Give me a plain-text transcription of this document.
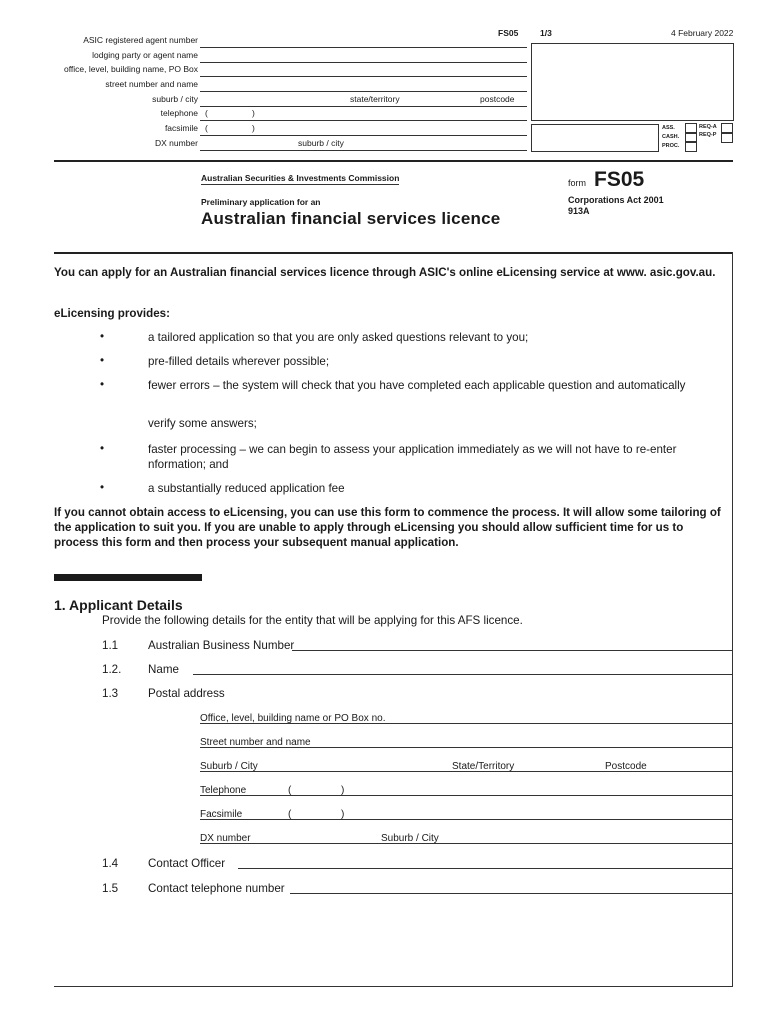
FS05	1/3	4 February 2022
ASIC registered agent number
lodging party or agent name
office, level, building name, PO Box
street number and name
suburb / city	state/territory	postcode
telephone (	)
facsimile (	)
DX number	suburb / city
ASS.
CASH.
PROC.
REQ-A
REQ-P
Australian Securities & Investments Commission
Preliminary application for an
Australian financial services licence
form FS05
Corporations Act 2001
913A
You can apply for an Australian financial services licence through ASIC's online eLicensing service at www. asic.gov.au.
eLicensing provides:
•	a tailored application so that you are only asked questions relevant to you;
•	pre-filled details wherever possible;
•	fewer errors – the system will check that you have completed each applicable question and automatically
verify some answers;
•	faster processing – we can begin to assess your application immediately as we will not have to re-enter nformation; and
•	a substantially reduced application fee
If you cannot obtain access to eLicensing, you can use this form to commence the process. It will allow some tailoring of the application to suit you. If you are unable to apply through eLicensing you should allow sufficient time for us to process this form and then process your subsequent manual application.
1. Applicant Details
Provide the following details for the entity that will be applying for this AFS licence.
1.1	Australian Business Number
1.2. Name
1.3	Postal address
Office, level, building name or PO Box no.
Street number and name
Suburb / City	State/Territory	Postcode
Telephone	(	)
Facsimile	(	)
DX number	Suburb / City
1.4	Contact Officer
1.5	Contact telephone number
